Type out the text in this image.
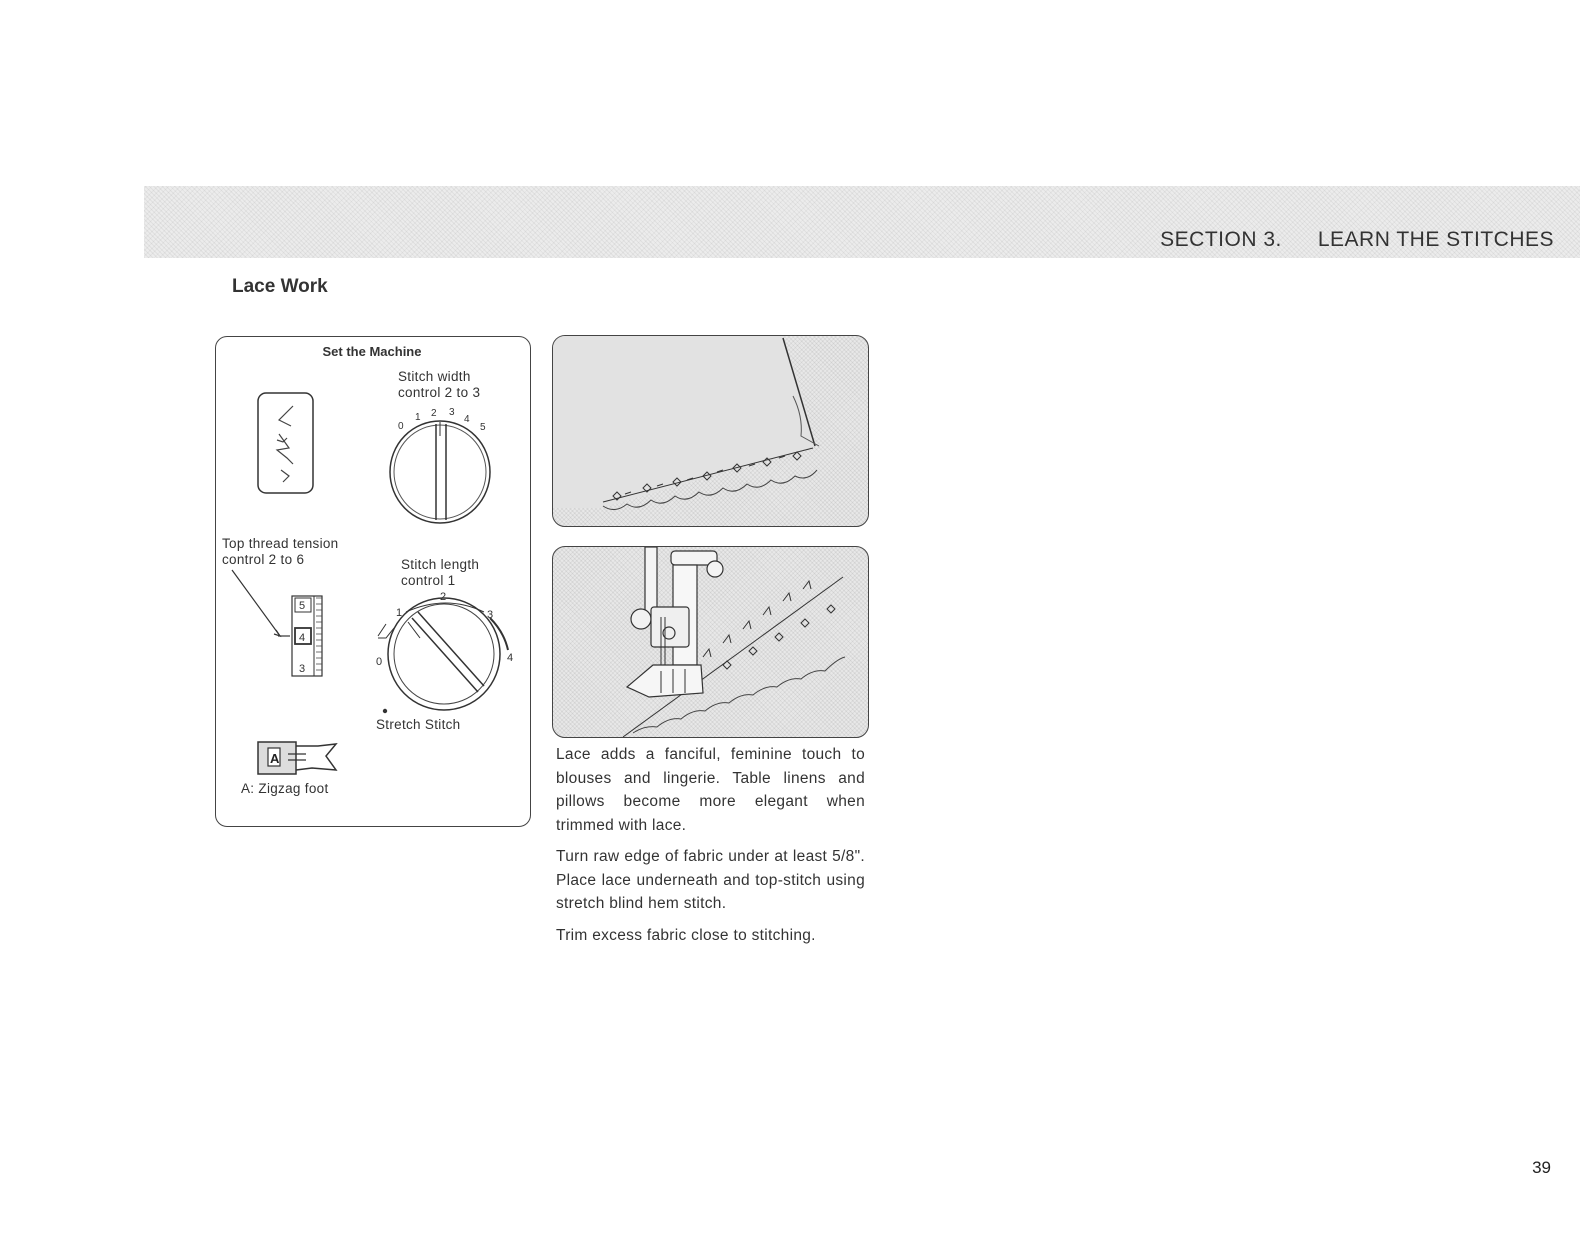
SECTION 3. LEARN THE STITCHES
Lace Work
Set the Machine
Stitch width
control 2 to 3
0
1 2 3
4
5
Top thread tension
control 2 to 6
5
4
3
Stitch length
control 1
0
1
2
3
4
Stretch Stitch
A
A: Zigzag foot
Lace adds a fanciful, feminine touch to blouses and lingerie. Table linens and pillows become more elegant when trimmed with lace.
Turn raw edge of fabric under at least 5/8". Place lace underneath and top-stitch using stretch blind hem stitch.
Trim excess fabric close to stitching.
39
